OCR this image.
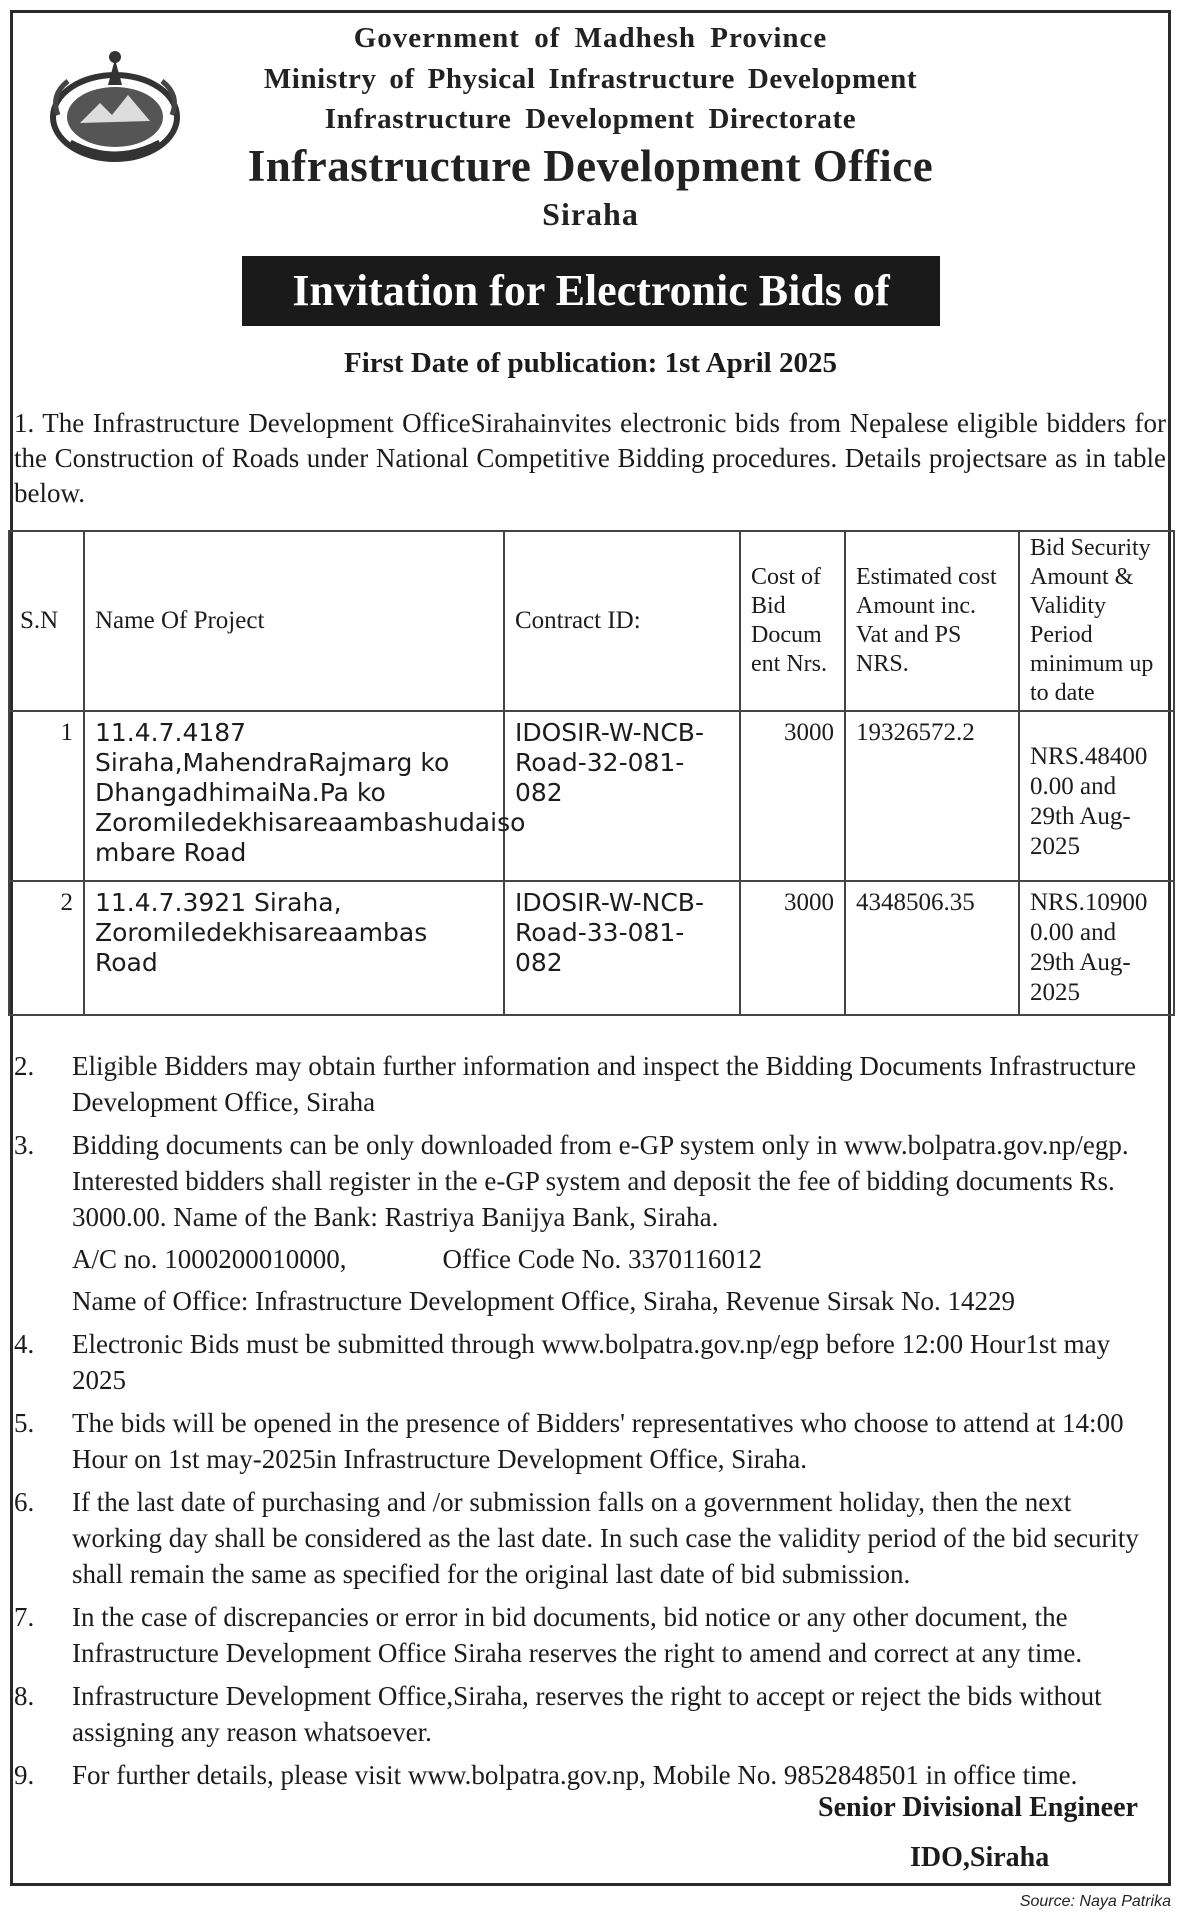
Government of Madhesh Province
Ministry of Physical Infrastructure Development
Infrastructure Development Directorate
Infrastructure Development Office
Siraha
Invitation for Electronic Bids of
First Date of publication: 1st April 2025
1. The Infrastructure Development OfficeSirahainvites electronic bids from Nepalese eligible bidders for the Construction of Roads under National Competitive Bidding procedures. Details projectsare as in table below.
S.N	Name Of Project	Contract ID:	Cost of Bid Docum ent Nrs.	Estimated cost Amount inc. Vat and PS NRS.	Bid Security Amount & Validity Period minimum up to date
1	11.4.7.4187 Siraha,MahendraRajmarg ko DhangadhimaiNa.Pa ko Zoromiledekhisareaambashudaiso mbare Road	IDOSIR-W-NCB-Road-32-081-082	3000	19326572.2	NRS.48400 0.00 and 29th Aug-2025
2	11.4.7.3921 Siraha, Zoromiledekhisareaambas Road	IDOSIR-W-NCB-Road-33-081-082	3000	4348506.35	NRS.10900 0.00 and 29th Aug-2025
2. Eligible Bidders may obtain further information and inspect the Bidding Documents Infrastructure Development Office, Siraha
3. Bidding documents can be only downloaded from e-GP system only in www.bolpatra.gov.np/egp. Interested bidders shall register in the e-GP system and deposit the fee of bidding documents Rs. 3000.00. Name of the Bank: Rastriya Banijya Bank, Siraha.
A/C no. 1000200010000,	Office Code No. 3370116012
Name of Office: Infrastructure Development Office, Siraha, Revenue Sirsak No. 14229
4. Electronic Bids must be submitted through www.bolpatra.gov.np/egp before 12:00 Hour1st may 2025
5. The bids will be opened in the presence of Bidders' representatives who choose to attend at 14:00 Hour on 1st may-2025in Infrastructure Development Office, Siraha.
6. If the last date of purchasing and /or submission falls on a government holiday, then the next working day shall be considered as the last date. In such case the validity period of the bid security shall remain the same as specified for the original last date of bid submission.
7. In the case of discrepancies or error in bid documents, bid notice or any other document, the Infrastructure Development Office Siraha reserves the right to amend and correct at any time.
8. Infrastructure Development Office,Siraha, reserves the right to accept or reject the bids without assigning any reason whatsoever.
9. For further details, please visit www.bolpatra.gov.np, Mobile No. 9852848501 in office time.
Senior Divisional Engineer
IDO,Siraha
Source: Naya Patrika
